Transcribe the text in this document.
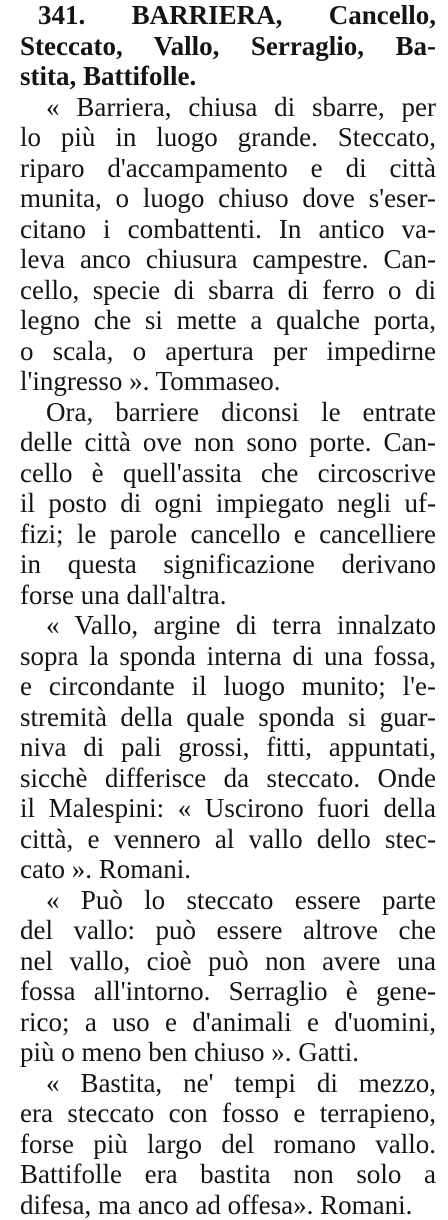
341. BARRIERA, Cancello,
Steccato, Vallo, Serraglio, Ba-
stita, Battifolle.
« Barriera, chiusa di sbarre, per
lo più in luogo grande. Steccato,
riparo d'accampamento e di città
munita, o luogo chiuso dove s'eser-
citano i combattenti. In antico va-
leva anco chiusura campestre. Can-
cello, specie di sbarra di ferro o di
legno che si mette a qualche porta,
o scala, o apertura per impedirne
l'ingresso ». Tommaseo.
Ora, barriere diconsi le entrate
delle città ove non sono porte. Can-
cello è quell'assita che circoscrive
il posto di ogni impiegato negli uf-
fizi; le parole cancello e cancelliere
in questa significazione derivano
forse una dall'altra.
« Vallo, argine di terra innalzato
sopra la sponda interna di una fossa,
e circondante il luogo munito; l'e-
stremità della quale sponda si guar-
niva di pali grossi, fitti, appuntati,
sicchè differisce da steccato. Onde
il Malespini: « Uscirono fuori della
città, e vennero al vallo dello stec-
cato ». Romani.
« Può lo steccato essere parte
del vallo: può essere altrove che
nel vallo, cioè può non avere una
fossa all'intorno. Serraglio è gene-
rico; a uso e d'animali e d'uomini,
più o meno ben chiuso ». Gatti.
« Bastita, ne' tempi di mezzo,
era steccato con fosso e terrapieno,
forse più largo del romano vallo.
Battifolle era bastita non solo a
difesa, ma anco ad offesa». Romani.
